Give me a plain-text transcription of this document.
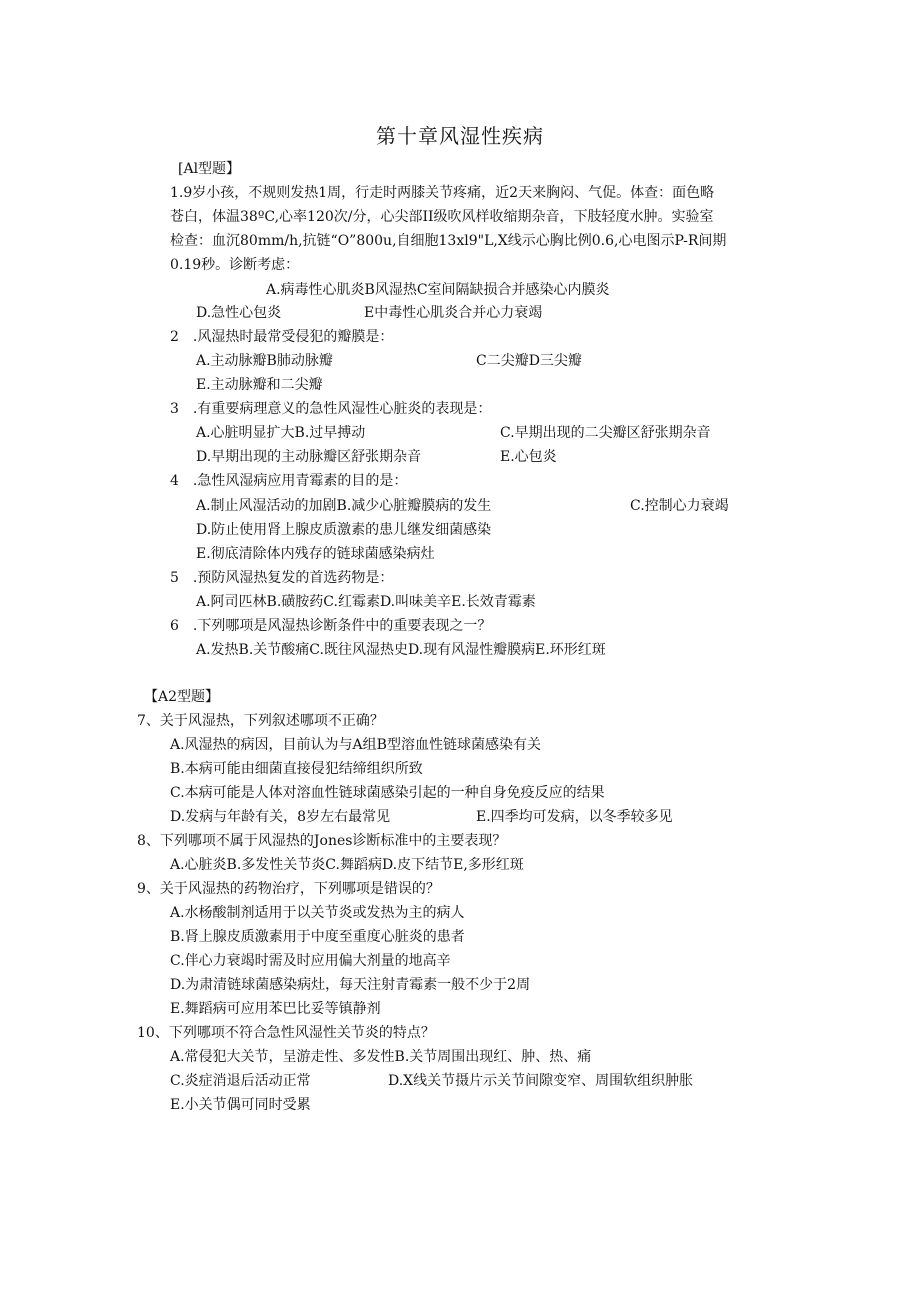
第十章风湿性疾病
[Al型题】
1.9岁小孩，不规则发热1周，行走时两膝关节疼痛，近2天来胸闷、气促。体查：面色略
苍白，体温38ºC,心率120次/分，心尖部II级吹风样收缩期杂音，下肢轻度水肿。实验室
检查：血沉80mm/h,抗链“O”800u,自细胞13xl9"L,X线示心胸比例0.6,心电图示P-R间期
0.19秒。诊断考虑：
A.病毒性心肌炎B风湿热C室间隔缺损合并感染心内膜炎
D.急性心包炎	E中毒性心肌炎合并心力衰竭
2　.风湿热时最常受侵犯的瓣膜是：
A.主动脉瓣B肺动脉瓣	C二尖瓣D三尖瓣
E.主动脉瓣和二尖瓣
3　.有重要病理意义的急性风湿性心脏炎的表现是：
A.心脏明显扩大B.过早搏动	C.早期出现的二尖瓣区舒张期杂音
D.早期出现的主动脉瓣区舒张期杂音	E.心包炎
4　.急性风湿病应用青霉素的目的是：
A.制止风湿活动的加剧B.减少心脏瓣膜病的发生	C.控制心力衰竭
D.防止使用肾上腺皮质激素的患儿继发细菌感染
E.彻底清除体内残存的链球菌感染病灶
5　.预防风湿热复发的首选药物是：
A.阿司匹林B.磺胺药C.红霉素D.叫味美辛E.长效青霉素
6　.下列哪项是风湿热诊断条件中的重要表现之一？
A.发热B.关节酸痛C.既往风湿热史D.现有风湿性瓣膜病E.环形红斑
【A2型题】
7、关于风湿热，下列叙述哪项不正确？
A.风湿热的病因，目前认为与A组B型溶血性链球菌感染有关
B.本病可能由细菌直接侵犯结缔组织所致
C.本病可能是人体对溶血性链球菌感染引起的一种自身免疫反应的结果
D.发病与年龄有关，8岁左右最常见	E.四季均可发病，以冬季较多见
8、下列哪项不属于风湿热的Jones诊断标准中的主要表现？
A.心脏炎B.多发性关节炎C.舞蹈病D.皮下结节E,多形红斑
9、关于风湿热的药物治疗，下列哪项是错误的？
A.水杨酸制剂适用于以关节炎或发热为主的病人
B.肾上腺皮质激素用于中度至重度心脏炎的患者
C.伴心力衰竭时需及时应用偏大剂量的地高辛
D.为肃清链球菌感染病灶，每天注射青霉素一般不少于2周
E.舞蹈病可应用苯巴比妥等镇静剂
10、下列哪项不符合急性风湿性关节炎的特点？
A.常侵犯大关节，呈游走性、多发性B.关节周围出现红、肿、热、痛
C.炎症消退后活动正常	D.X线关节摄片示关节间隙变窄、周围软组织肿胀
E.小关节偶可同时受累
